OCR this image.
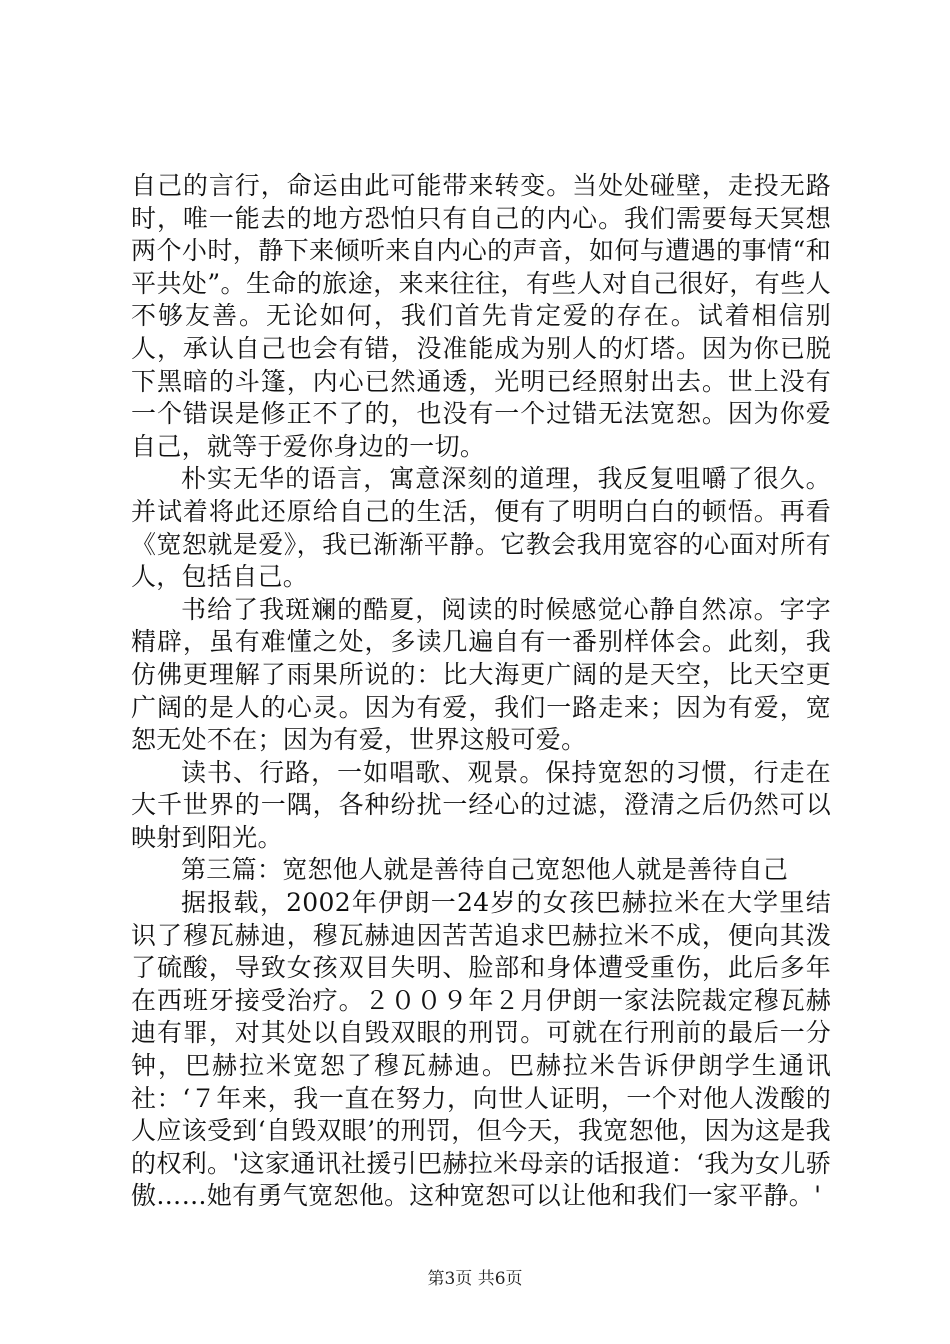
自己的言行，命运由此可能带来转变。当处处碰壁，走投无路时，唯一能去的地方恐怕只有自己的内心。我们需要每天冥想两个小时，静下来倾听来自内心的声音，如何与遭遇的事情“和平共处”。生命的旅途，来来往往，有些人对自己很好，有些人不够友善。无论如何，我们首先肯定爱的存在。试着相信别人，承认自己也会有错，没准能成为别人的灯塔。因为你已脱下黑暗的斗篷，内心已然通透，光明已经照射出去。世上没有一个错误是修正不了的，也没有一个过错无法宽恕。因为你爱自己，就等于爱你身边的一切。

朴实无华的语言，寓意深刻的道理，我反复咀嚼了很久。并试着将此还原给自己的生活，便有了明明白白的顿悟。再看《宽恕就是爱》，我已渐渐平静。它教会我用宽容的心面对所有人，包括自己。

书给了我斑斓的酷夏，阅读的时候感觉心静自然凉。字字精辟，虽有难懂之处，多读几遍自有一番别样体会。此刻，我仿佛更理解了雨果所说的：比大海更广阔的是天空，比天空更广阔的是人的心灵。因为有爱，我们一路走来；因为有爱，宽恕无处不在；因为有爱，世界这般可爱。

读书、行路，一如唱歌、观景。保持宽恕的习惯，行走在大千世界的一隅，各种纷扰一经心的过滤，澄清之后仍然可以映射到阳光。

第三篇：宽恕他人就是善待自己宽恕他人就是善待自己

据报载，2002年伊朗一24岁的女孩巴赫拉米在大学里结识了穆瓦赫迪，穆瓦赫迪因苦苦追求巴赫拉米不成，便向其泼了硫酸，导致女孩双目失明、脸部和身体遭受重伤，此后多年在西班牙接受治疗。２００９年２月伊朗一家法院裁定穆瓦赫迪有罪，对其处以自毁双眼的刑罚。可就在行刑前的最后一分钟，巴赫拉米宽恕了穆瓦赫迪。巴赫拉米告诉伊朗学生通讯社：‘７年来，我一直在努力，向世人证明，一个对他人泼酸的人应该受到‘自毁双眼’的刑罚，但今天，我宽恕他，因为这是我的权利。'这家通讯社援引巴赫拉米母亲的话报道：‘我为女儿骄傲……她有勇气宽恕他。这种宽恕可以让他和我们一家平静。'

第3页 共6页
